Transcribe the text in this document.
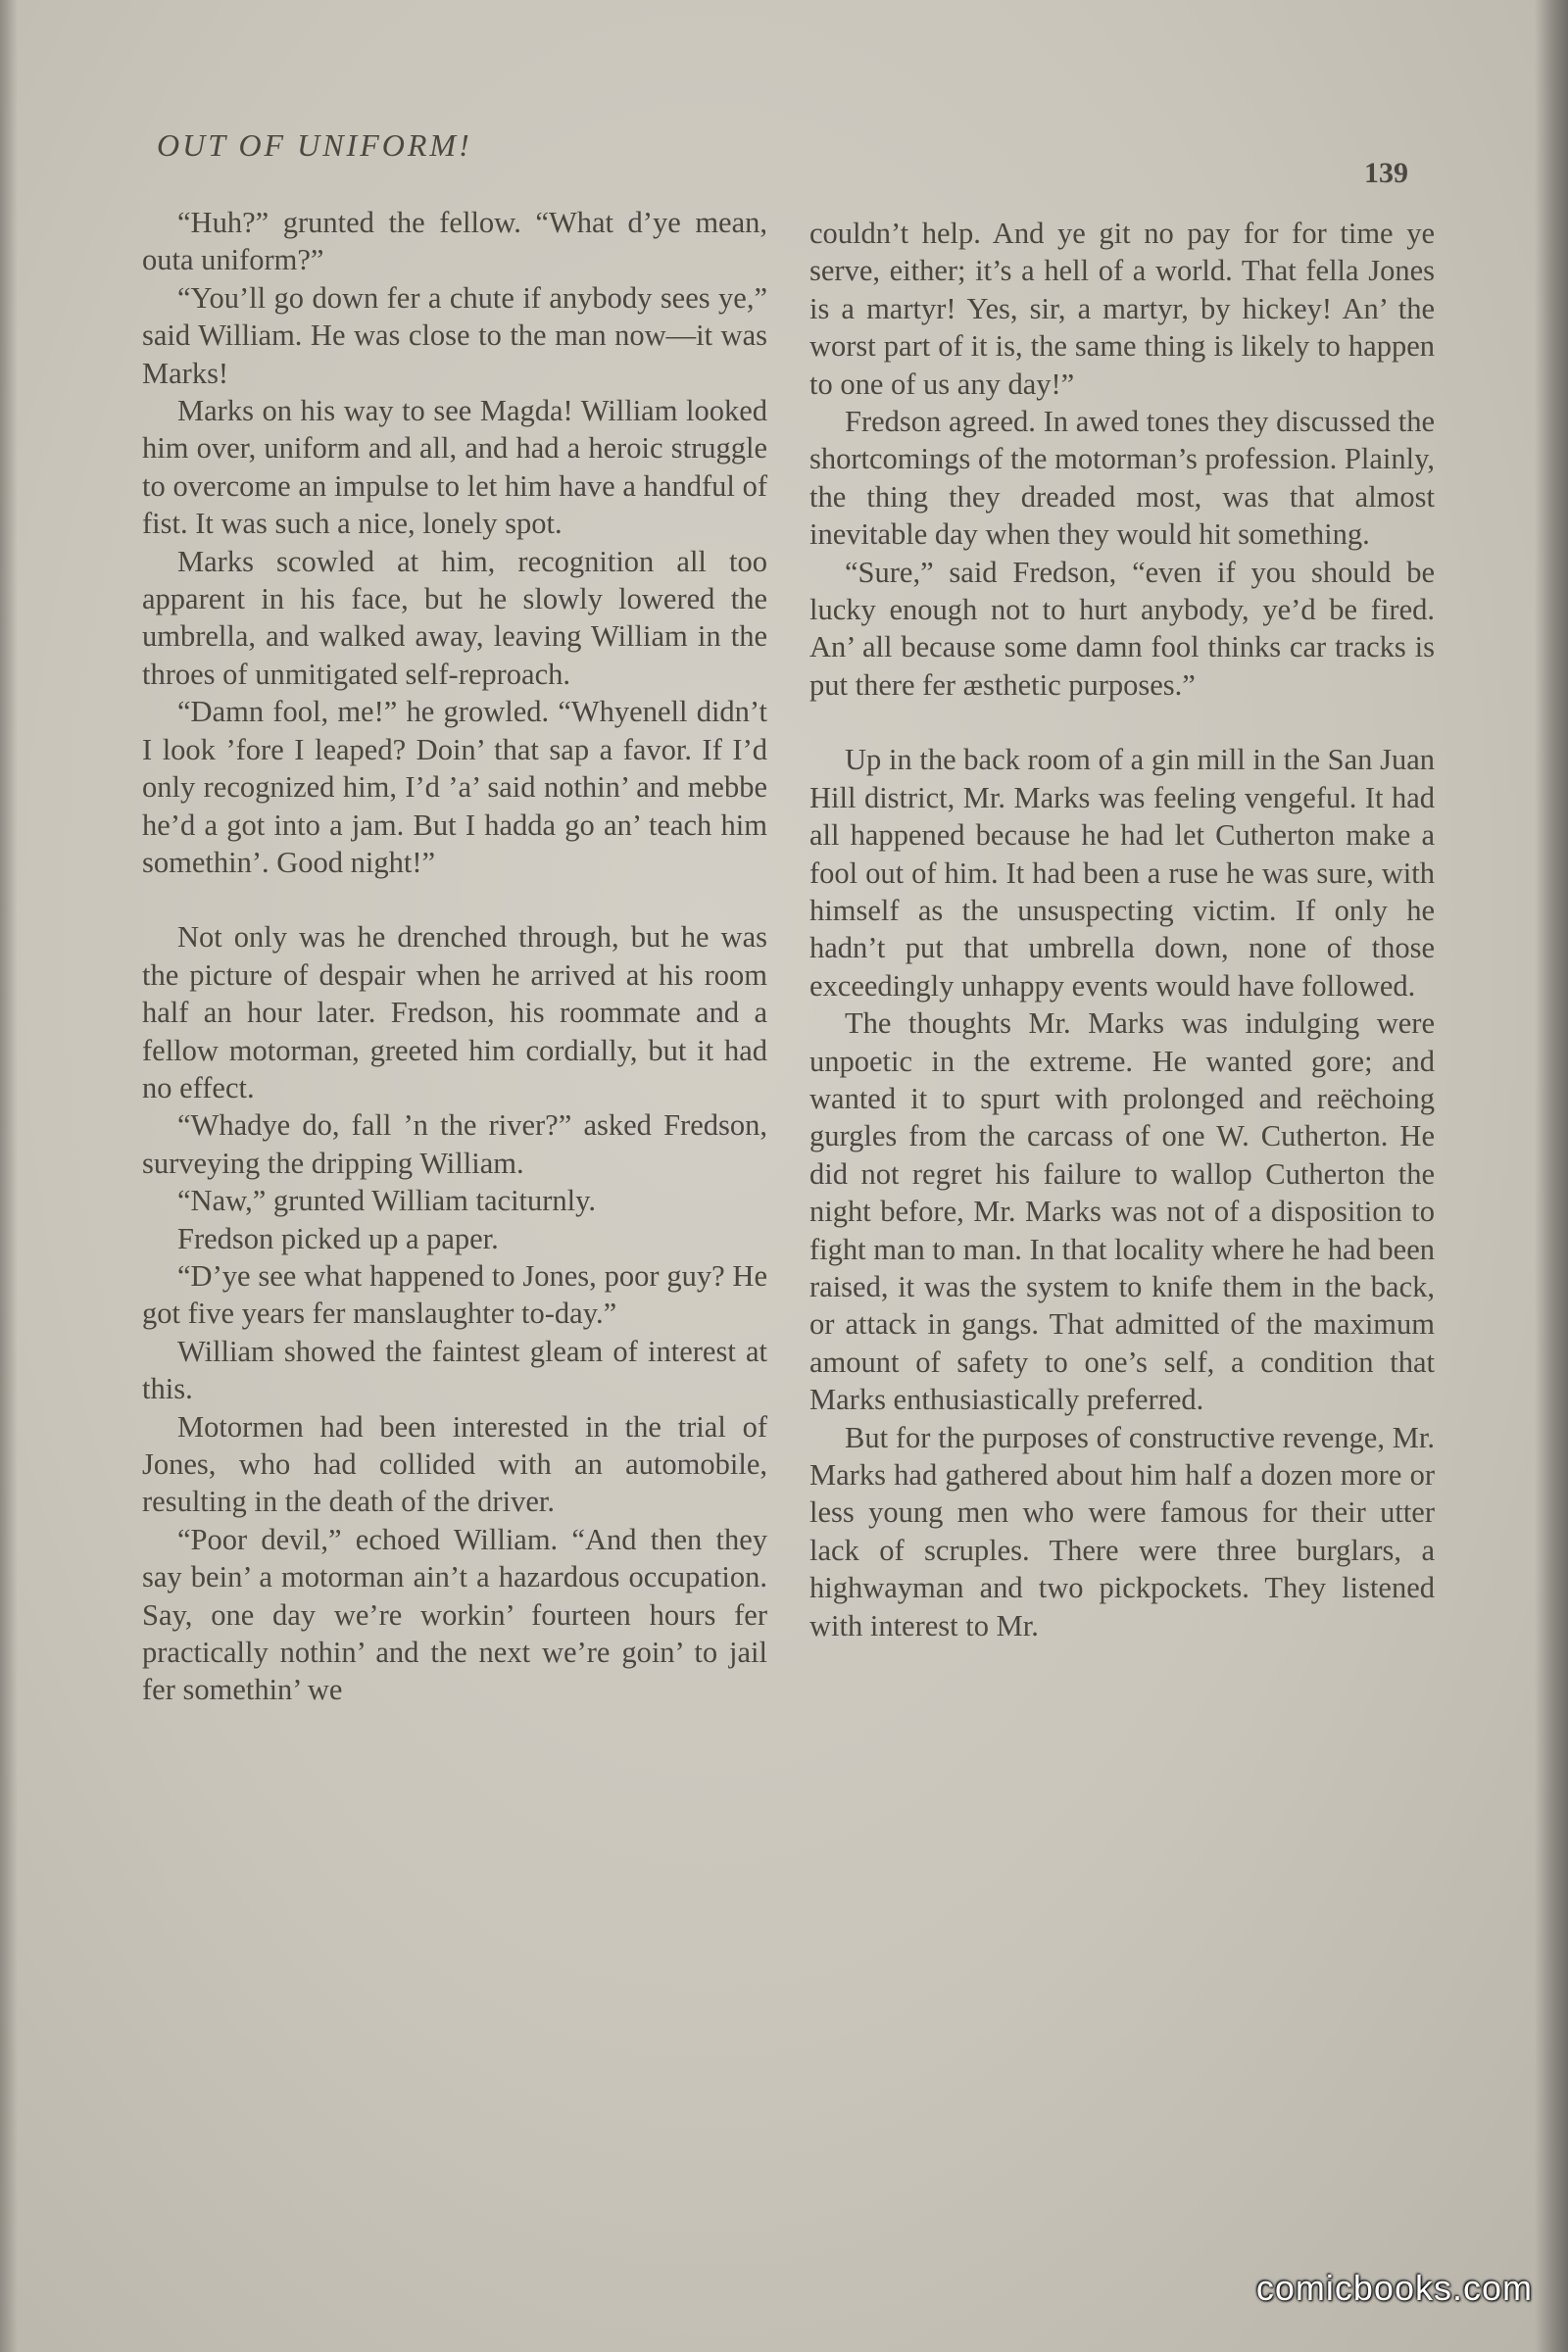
OUT OF UNIFORM!
139

“Huh?” grunted the fellow. “What d’ye mean, outa uniform?”

“You’ll go down fer a chute if anybody sees ye,” said William. He was close to the man now—it was Marks!

Marks on his way to see Magda! William looked him over, uniform and all, and had a heroic struggle to overcome an impulse to let him have a handful of fist. It was such a nice, lonely spot.

Marks scowled at him, recognition all too apparent in his face, but he slowly lowered the umbrella, and walked away, leaving William in the throes of unmitigated self-reproach.

“Damn fool, me!” he growled. “Whyenell didn’t I look ’fore I leaped? Doin’ that sap a favor. If I’d only recognized him, I’d ’a’ said nothin’ and mebbe he’d a got into a jam. But I hadda go an’ teach him somethin’. Good night!”

Not only was he drenched through, but he was the picture of despair when he arrived at his room half an hour later. Fredson, his roommate and a fellow motorman, greeted him cordially, but it had no effect.

“Whadye do, fall ’n the river?” asked Fredson, surveying the dripping William.

“Naw,” grunted William taciturnly.

Fredson picked up a paper.

“D’ye see what happened to Jones, poor guy? He got five years fer manslaughter to-day.”

William showed the faintest gleam of interest at this.

Motormen had been interested in the trial of Jones, who had collided with an automobile, resulting in the death of the driver.

“Poor devil,” echoed William. “And then they say bein’ a motorman ain’t a hazardous occupation. Say, one day we’re workin’ fourteen hours fer practically nothin’ and the next we’re goin’ to jail fer somethin’ we

couldn’t help. And ye git no pay for for time ye serve, either; it’s a hell of a world. That fella Jones is a martyr! Yes, sir, a martyr, by hickey! An’ the worst part of it is, the same thing is likely to happen to one of us any day!”

Fredson agreed. In awed tones they discussed the shortcomings of the motorman’s profession. Plainly, the thing they dreaded most, was that almost inevitable day when they would hit something.

“Sure,” said Fredson, “even if you should be lucky enough not to hurt anybody, ye’d be fired. An’ all because some damn fool thinks car tracks is put there fer æsthetic purposes.”

Up in the back room of a gin mill in the San Juan Hill district, Mr. Marks was feeling vengeful. It had all happened because he had let Cutherton make a fool out of him. It had been a ruse he was sure, with himself as the unsuspecting victim. If only he hadn’t put that umbrella down, none of those exceedingly unhappy events would have followed.

The thoughts Mr. Marks was indulging were unpoetic in the extreme. He wanted gore; and wanted it to spurt with prolonged and reëchoing gurgles from the carcass of one W. Cutherton. He did not regret his failure to wallop Cutherton the night before, Mr. Marks was not of a disposition to fight man to man. In that locality where he had been raised, it was the system to knife them in the back, or attack in gangs. That admitted of the maximum amount of safety to one’s self, a condition that Marks enthusiastically preferred.

But for the purposes of constructive revenge, Mr. Marks had gathered about him half a dozen more or less young men who were famous for their utter lack of scruples. There were three burglars, a highwayman and two pickpockets. They listened with interest to Mr.

comicbooks.com
